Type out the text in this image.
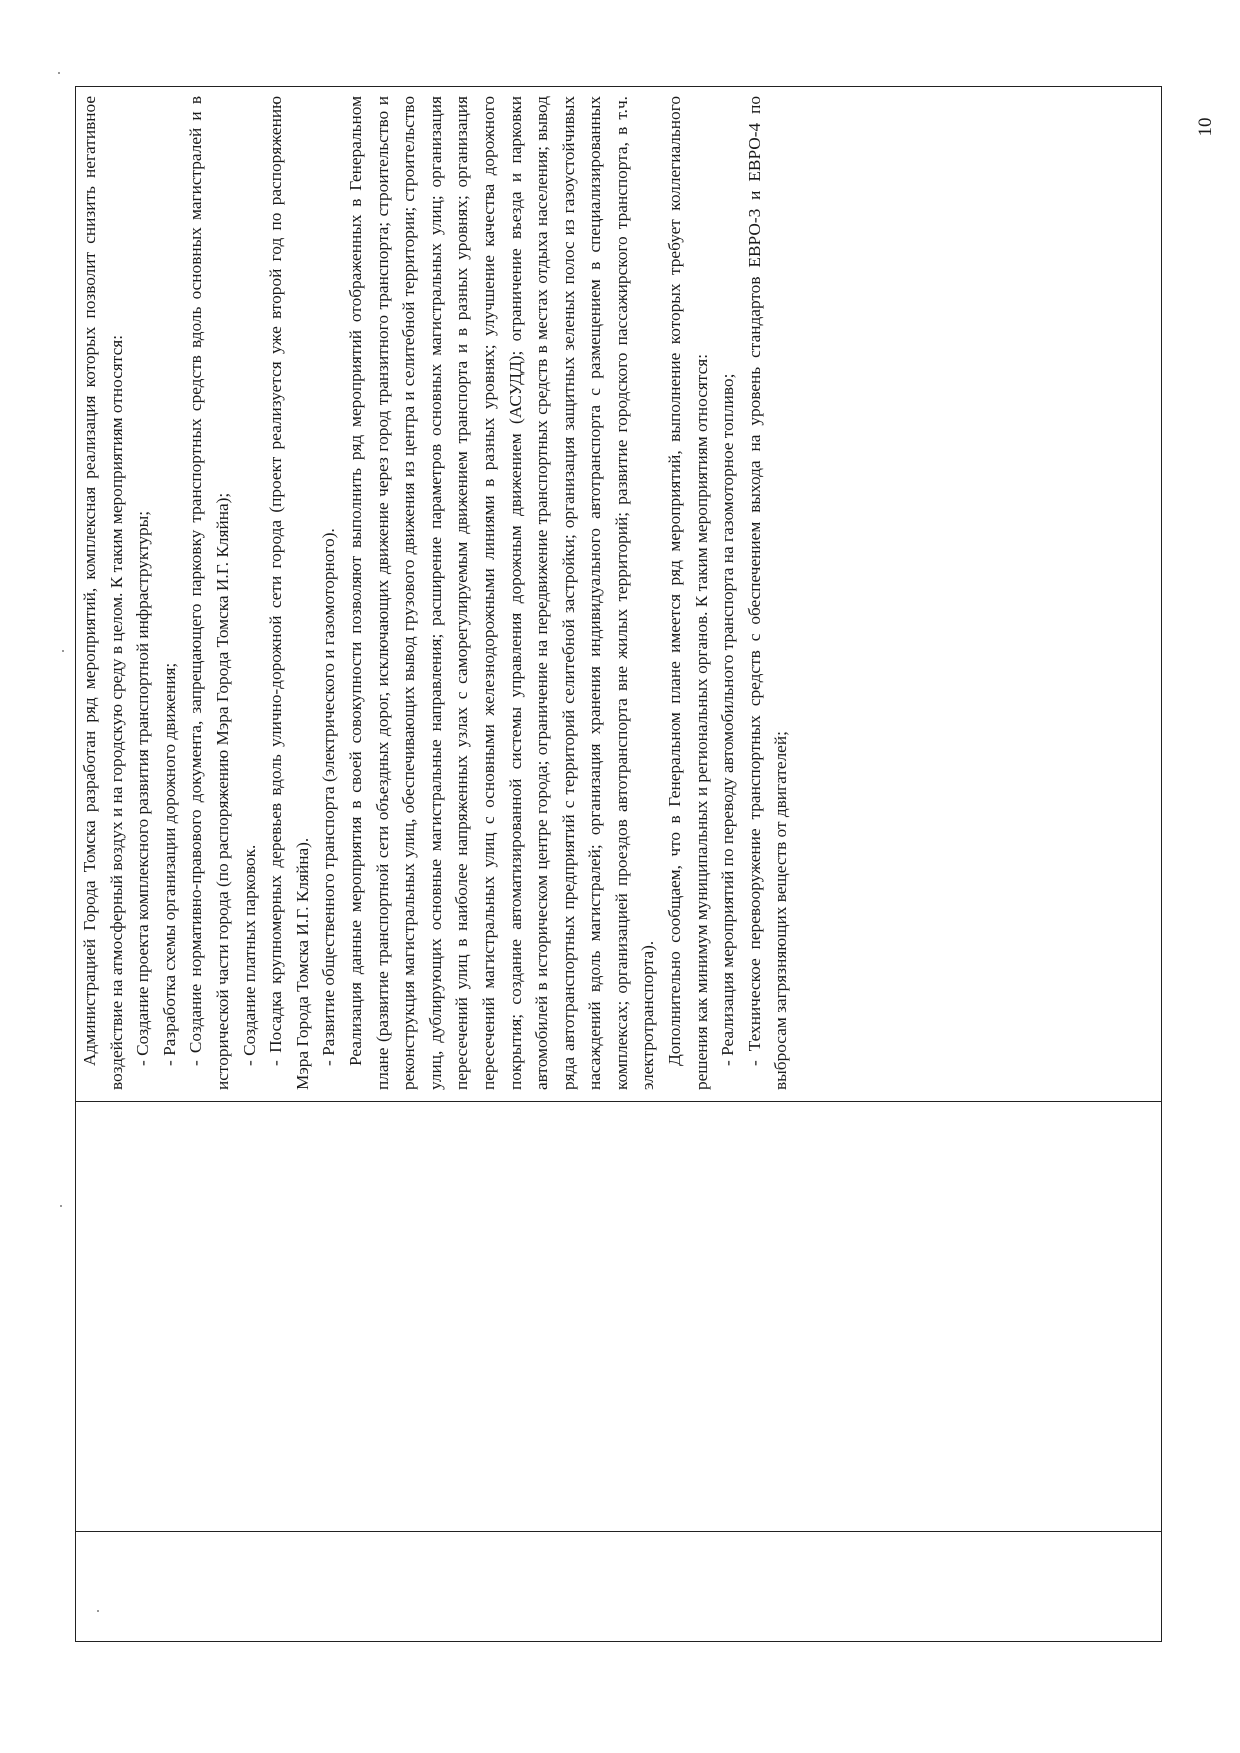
Администрацией Города Томска разработан ряд мероприятий, комплексная реализация которых позволит снизить негативное воздействие на атмосферный воздух и на городскую среду в целом. К таким мероприятиям относятся: - Создание проекта комплексного развития транспортной инфраструктуры; - Разработка схемы организации дорожного движения; - Создание нормативно-правового документа, запрещающего парковку транспортных средств вдоль основных магистралей и в исторической части города (по распоряжению Мэра Города Томска И.Г. Кляйна); - Создание платных парковок. - Посадка крупномерных деревьев вдоль улично-дорожной сети города (проект реализуется уже второй год по распоряжению Мэра Города Томска И.Г. Кляйна). - Развитие общественного транспорта (электрического и газомоторного). Реализация данные мероприятия в своей совокупности позволяют выполнить ряд мероприятий отображенных в Генеральном плане (развитие транспортной сети объездных дорог, исключающих движение через город транзитного транспорта; строительство и реконструкция магистральных улиц, обеспечивающих вывод грузового движения из центра и селитебной территории; строительство улиц, дублирующих основные магистральные направления; расширение параметров основных магистральных улиц; организация пересечений улиц в наиболее напряженных узлах с саморегулируемым движением транспорта и в разных уровнях; организация пересечений магистральных улиц с основными железнодорожными линиями в разных уровнях; улучшение качества дорожного покрытия; создание автоматизированной системы управления дорожным движением (АСУДД); ограничение въезда и парковки автомобилей в историческом центре города; ограничение на передвижение транспортных средств в местах отдыха населения; вывод ряда автотранспортных предприятий с территорий селитебной застройки; организация защитных зеленых полос из газоустойчивых насаждений вдоль магистралей; организация хранения индивидуального автотранспорта с размещением в специализированных комплексах; организацией проездов автотранспорта вне жилых территорий; развитие городского пассажирского транспорта, в т.ч. электротранспорта). Дополнительно сообщаем, что в Генеральном плане имеется ряд мероприятий, выполнение которых требует коллегиального решения как минимум муниципальных и региональных органов. К таким мероприятиям относятся: - Реализация мероприятий по переводу автомобильного транспорта на газомоторное топливо; - Техническое перевооружение транспортных средств с обеспечением выхода на уровень стандартов ЕВРО-3 и ЕВРО-4 по выбросам загрязняющих веществ от двигателей;

10
